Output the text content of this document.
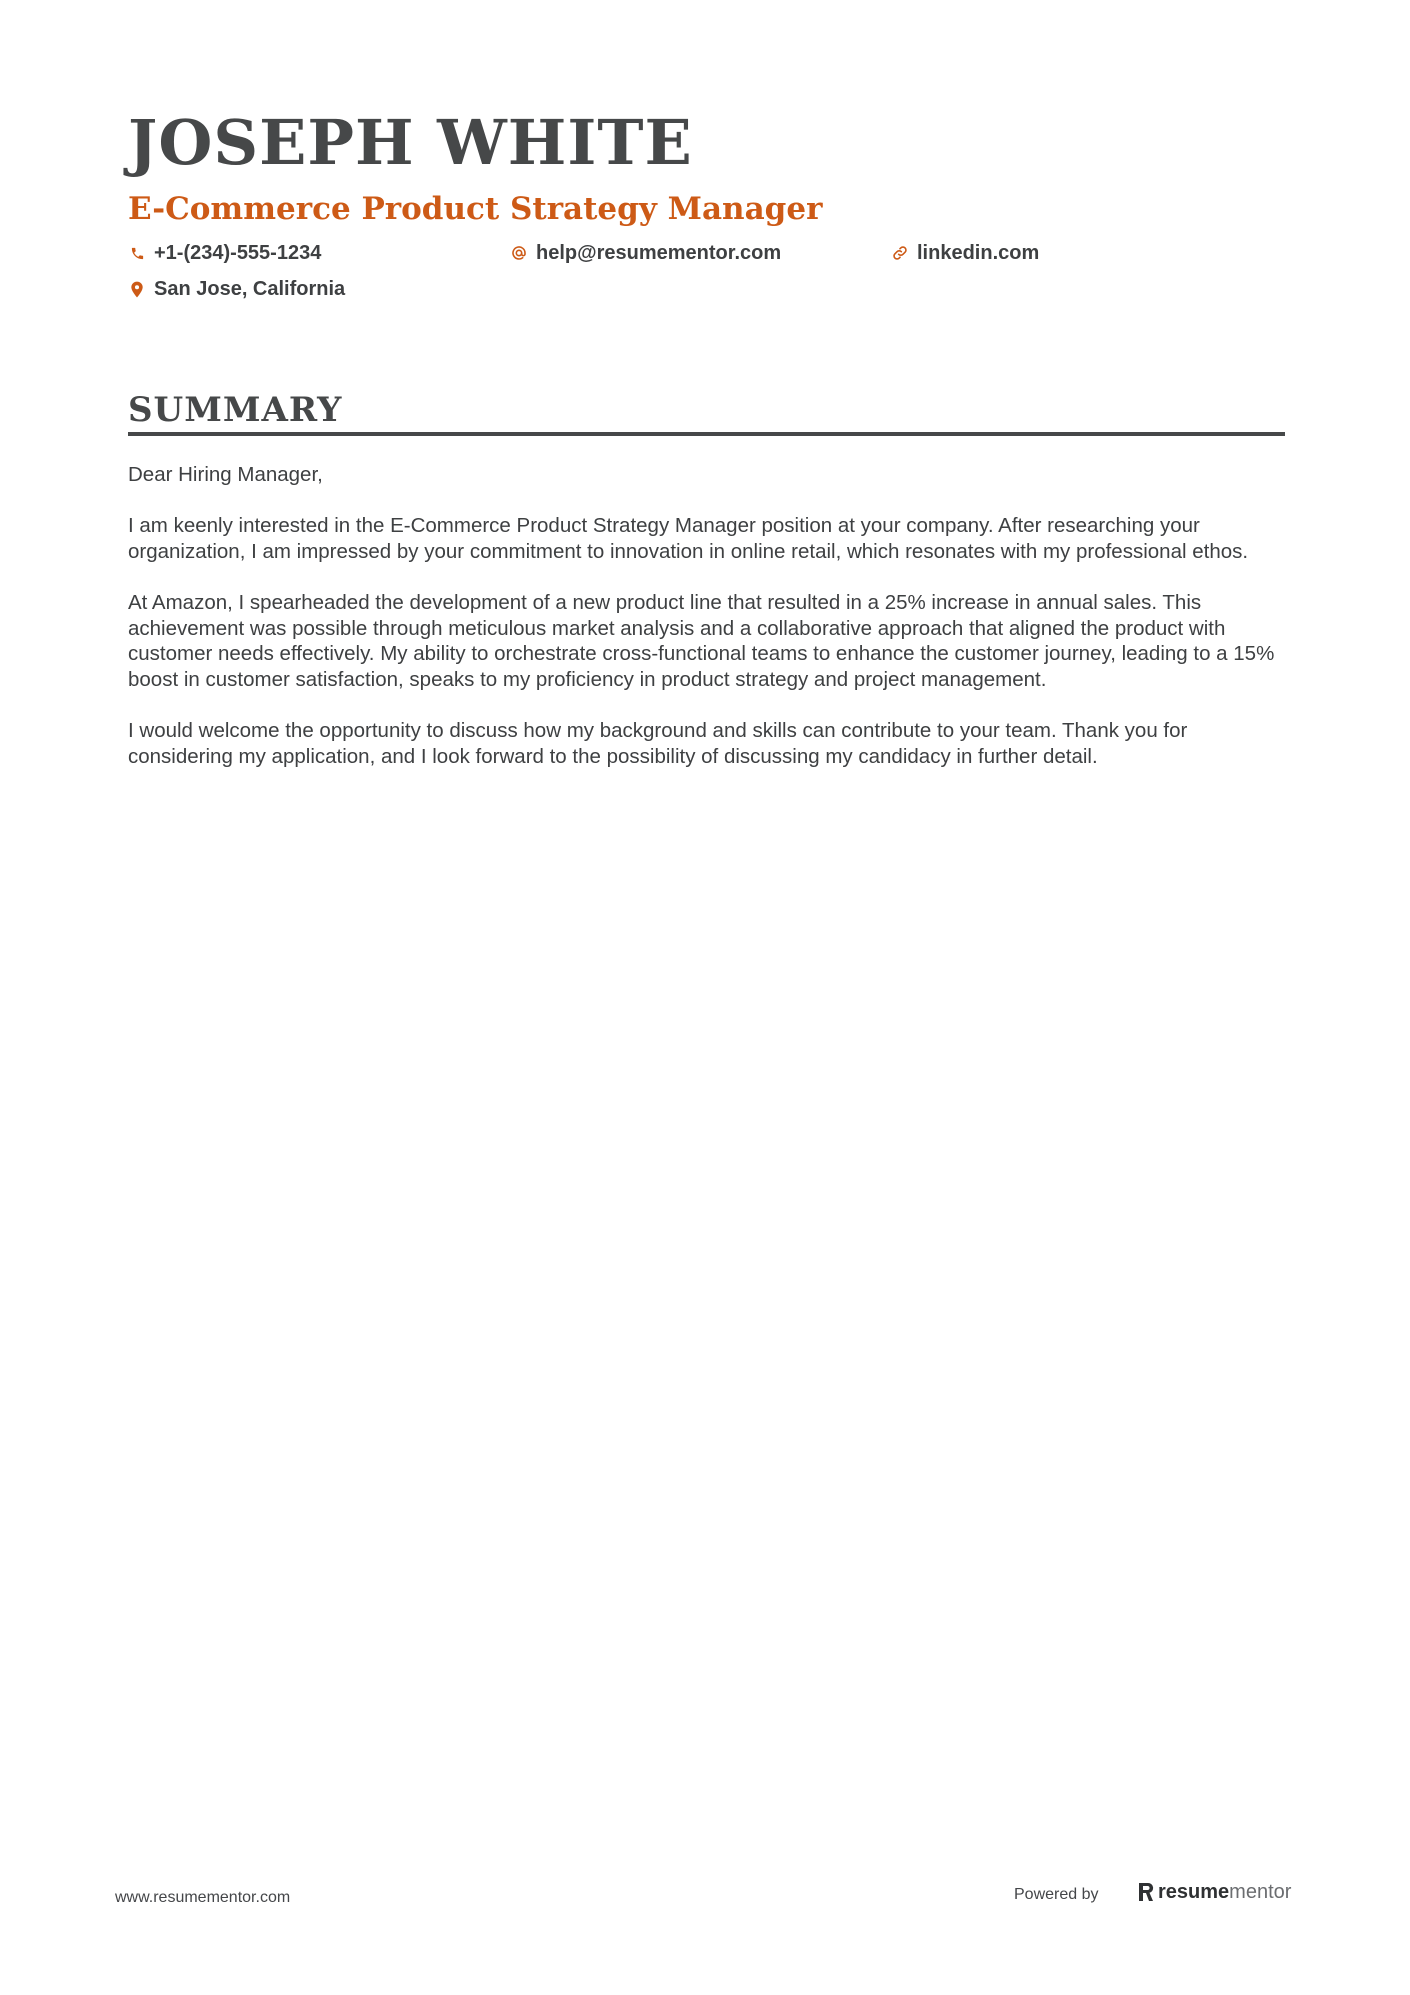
JOSEPH WHITE
E-Commerce Product Strategy Manager
+1-(234)-555-1234	help@resumementor.com	linkedin.com
San Jose, California
SUMMARY

Dear Hiring Manager,

I am keenly interested in the E-Commerce Product Strategy Manager position at your company. After researching your organization, I am impressed by your commitment to innovation in online retail, which resonates with my professional ethos.

At Amazon, I spearheaded the development of a new product line that resulted in a 25% increase in annual sales. This achievement was possible through meticulous market analysis and a collaborative approach that aligned the product with customer needs effectively. My ability to orchestrate cross-functional teams to enhance the customer journey, leading to a 15% boost in customer satisfaction, speaks to my proficiency in product strategy and project management.

I would welcome the opportunity to discuss how my background and skills can contribute to your team. Thank you for considering my application, and I look forward to the possibility of discussing my candidacy in further detail.

www.resumementor.com	Powered by	resume mentor
